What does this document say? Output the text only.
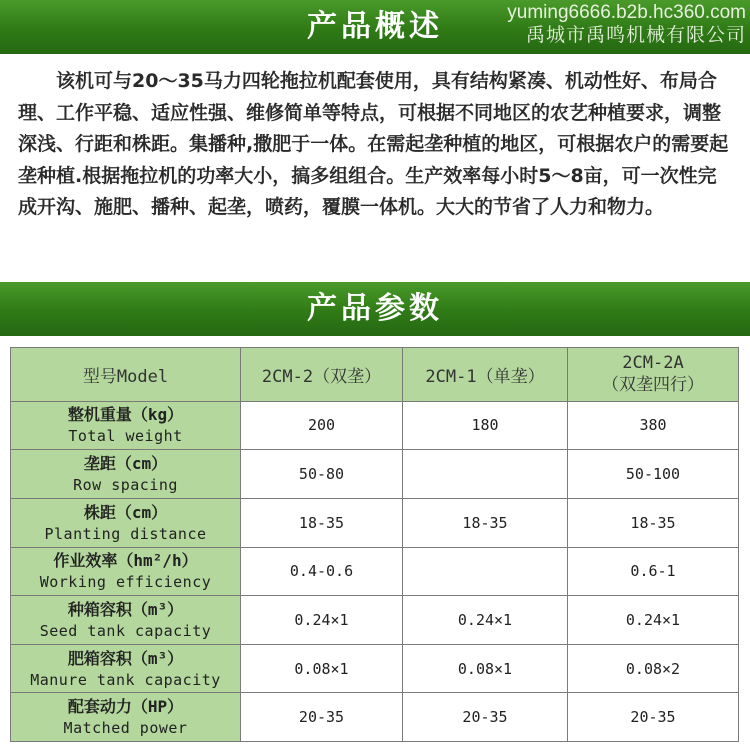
产品概述	yuming6666.b2b.hc360.com
禹城市禹鸣机械有限公司
该机可与20～35马力四轮拖拉机配套使用，具有结构紧凑、机动性好、布局合理、工作平稳、适应性强、维修简单等特点，可根据不同地区的农艺种植要求，调整深浅、行距和株距。集播种,撒肥于一体。在需起垄种植的地区，可根据农户的需要起垄种植.根据拖拉机的功率大小，搞多组组合。生产效率每小时5～8亩，可一次性完成开沟、施肥、播种、起垄，喷药，覆膜一体机。大大的节省了人力和物力。
产品参数
型号Model	2CM-2（双垄）	2CM-1（单垄）	2CM-2A
（双垄四行）

整机重量（kg）
Total weight	200	180	380

垄距（cm）
Row spacing	50-80		50-100

株距（cm）
Planting distance	18-35	18-35	18-35

作业效率（hm²/h）
Working efficiency	0.4-0.6		0.6-1

种箱容积（m³）
Seed tank capacity	0.24×1	0.24×1	0.24×1

肥箱容积（m³）
Manure tank capacity	0.08×1	0.08×1	0.08×2

配套动力（HP）
Matched power	20-35	20-35	20-35
